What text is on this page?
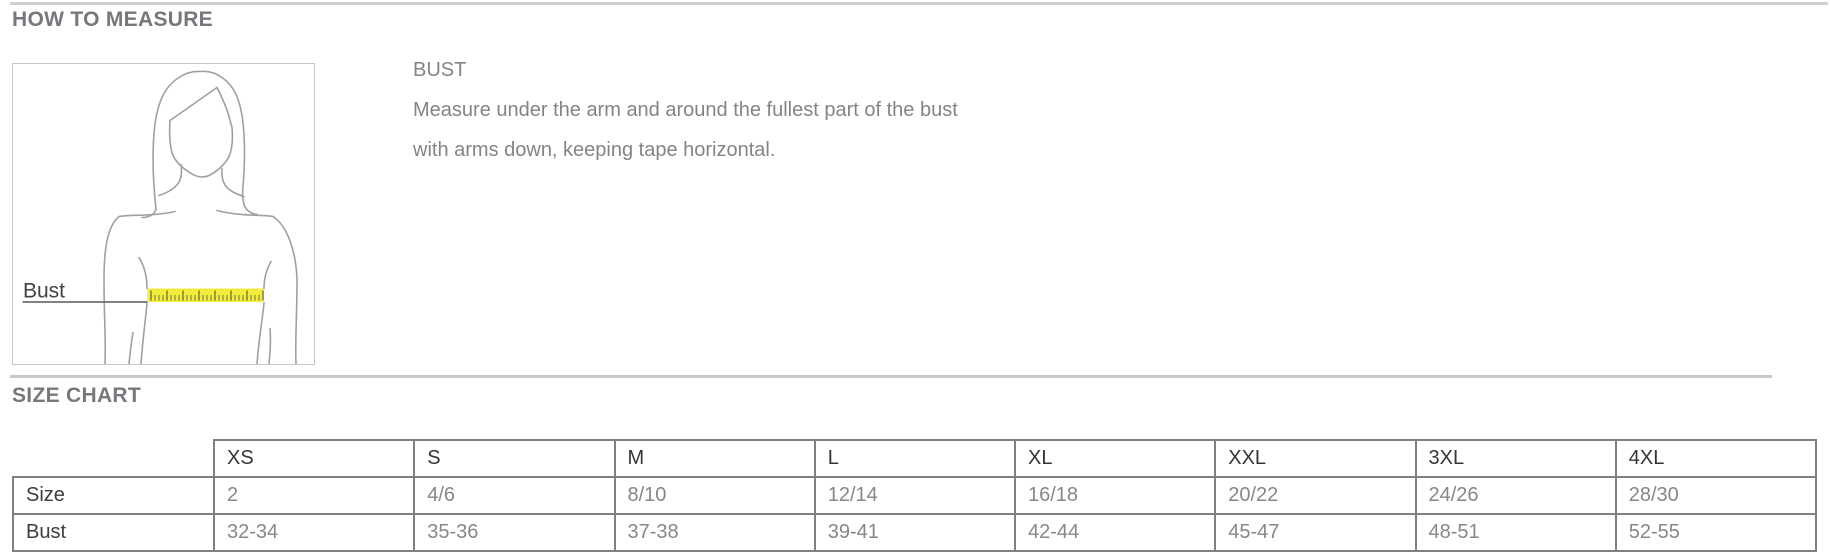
HOW TO MEASURE
Bust
BUST
Measure under the arm and around the fullest part of the bust
with arms down, keeping tape horizontal.
SIZE CHART
	XS	S	M	L	XL	XXL	3XL	4XL
Size	2	4/6	8/10	12/14	16/18	20/22	24/26	28/30
Bust	32-34	35-36	37-38	39-41	42-44	45-47	48-51	52-55
